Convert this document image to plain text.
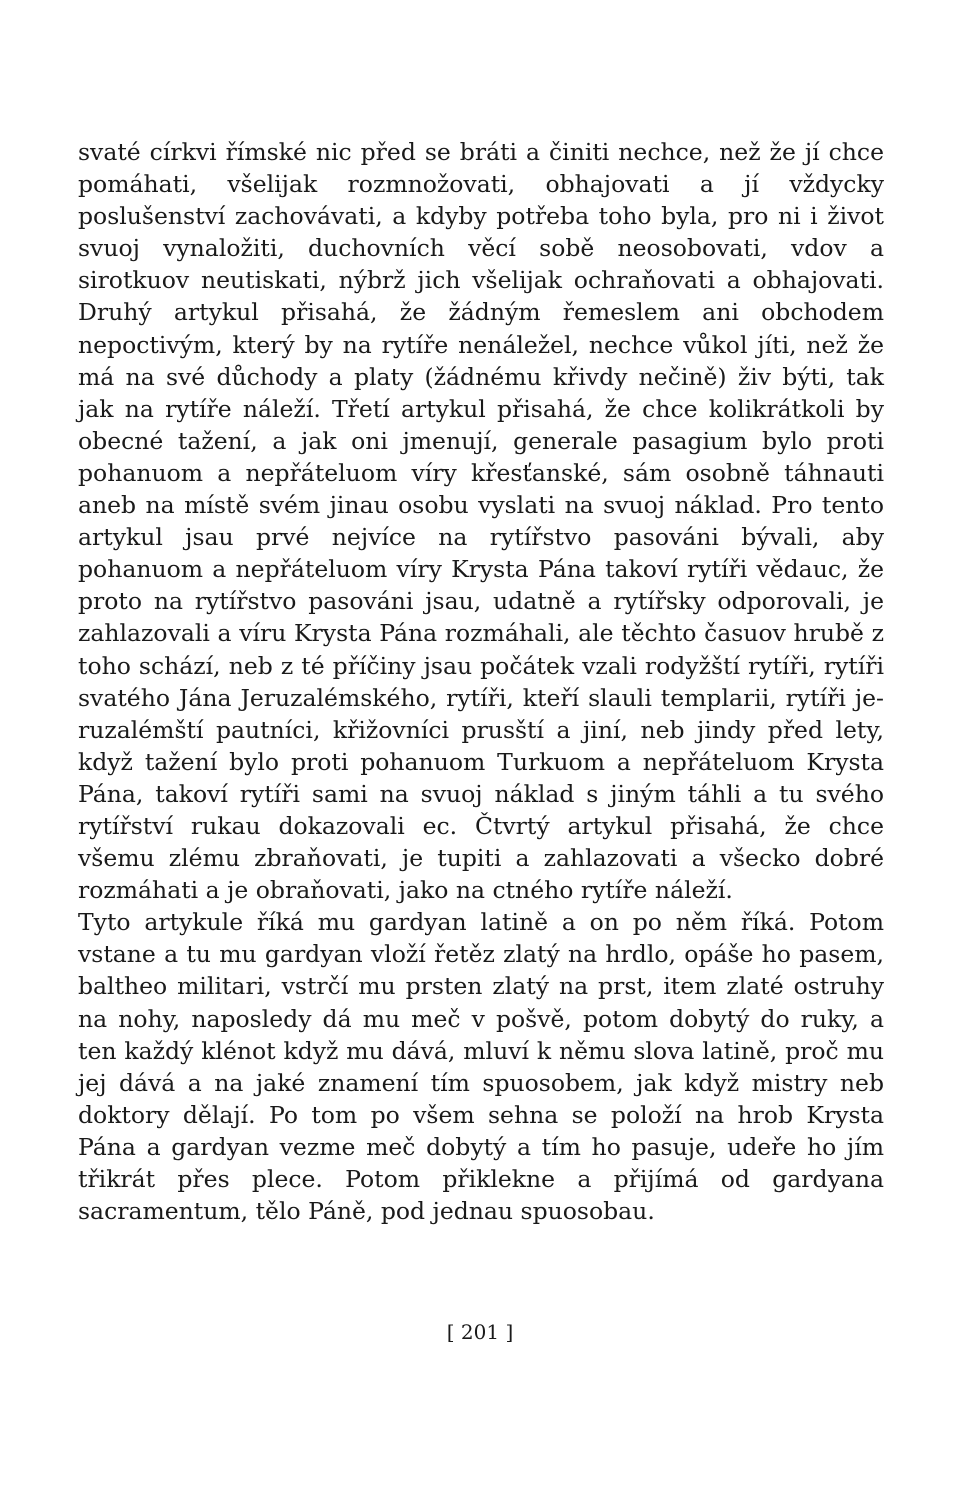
svaté církvi římské nic před se bráti a činiti nechce, než že jí chce pomáhati, všelijak rozmnožovati, obhajovati a jí vždycky poslušenství zachovávati, a kdyby potřeba toho byla, pro ni i život svuoj vynaložiti, duchovních věcí sobě neosobovati, vdov a sirotkuov neutiskati, nýbrž jich všelijak ochraňovati a obhajovati. Druhý artykul přisahá, že žádným řemeslem ani obchodem nepoctivým, který by na rytíře nenáležel, nechce vůkol jíti, než že má na své důchody a platy (žádnému křivdy nečině) živ býti, tak jak na rytíře náleží. Třetí artykul přisahá, že chce kolikrátkoli by obecné tažení, a jak oni jmenují, generale pasagium bylo proti pohanuom a nepřáteluom víry křesťanské, sám osobně táhnauti aneb na místě svém jinau osobu vyslati na svuoj náklad. Pro tento artykul jsau prvé nejvíce na rytířstvo pasováni bývali, aby pohanuom a nepřáteluom víry Krysta Pána takoví rytíři vědauc, že proto na rytířstvo pasováni jsau, udatně a rytířsky odporovali, je zahlazovali a víru Krysta Pána rozmáhali, ale těchto časuov hrubě z toho schází, neb z té příčiny jsau počátek vzali rodyžští rytíři, rytíři svatého Jána Jeruzalémského, rytíři, kteří slauli templarii, rytíři jeruzalémští pautníci, křižovníci prusští a jiní, neb jindy před lety, když tažení bylo proti pohanuom Turkuom a nepřáteluom Krysta Pána, takoví rytíři sami na svuoj náklad s jiným táhli a tu svého rytířství rukau dokazovali ec. Čtvrtý artykul přisahá, že chce všemu zlému zbraňovati, je tupiti a zahlazovati a všecko dobré rozmáhati a je obraňovati, jako na ctného rytíře náleží.

Tyto artykule říká mu gardyan latině a on po něm říká. Potom vstane a tu mu gardyan vloží řetěz zlatý na hrdlo, opáše ho pasem, baltheo militari, vstrčí mu prsten zlatý na prst, item zlaté ostruhy na nohy, naposledy dá mu meč v pošvě, potom dobytý do ruky, a ten každý klénot když mu dává, mluví k němu slova latině, proč mu jej dává a na jaké znamení tím spuosobem, jak když mistry neb doktory dělají. Po tom po všem sehna se položí na hrob Krysta Pána a gardyan vezme meč dobytý a tím ho pasuje, udeře ho jím třikrát přes plece. Potom přiklekne a přijímá od gardyana sacramentum, tělo Páně, pod jednau spuosobau.

[ 201 ]
